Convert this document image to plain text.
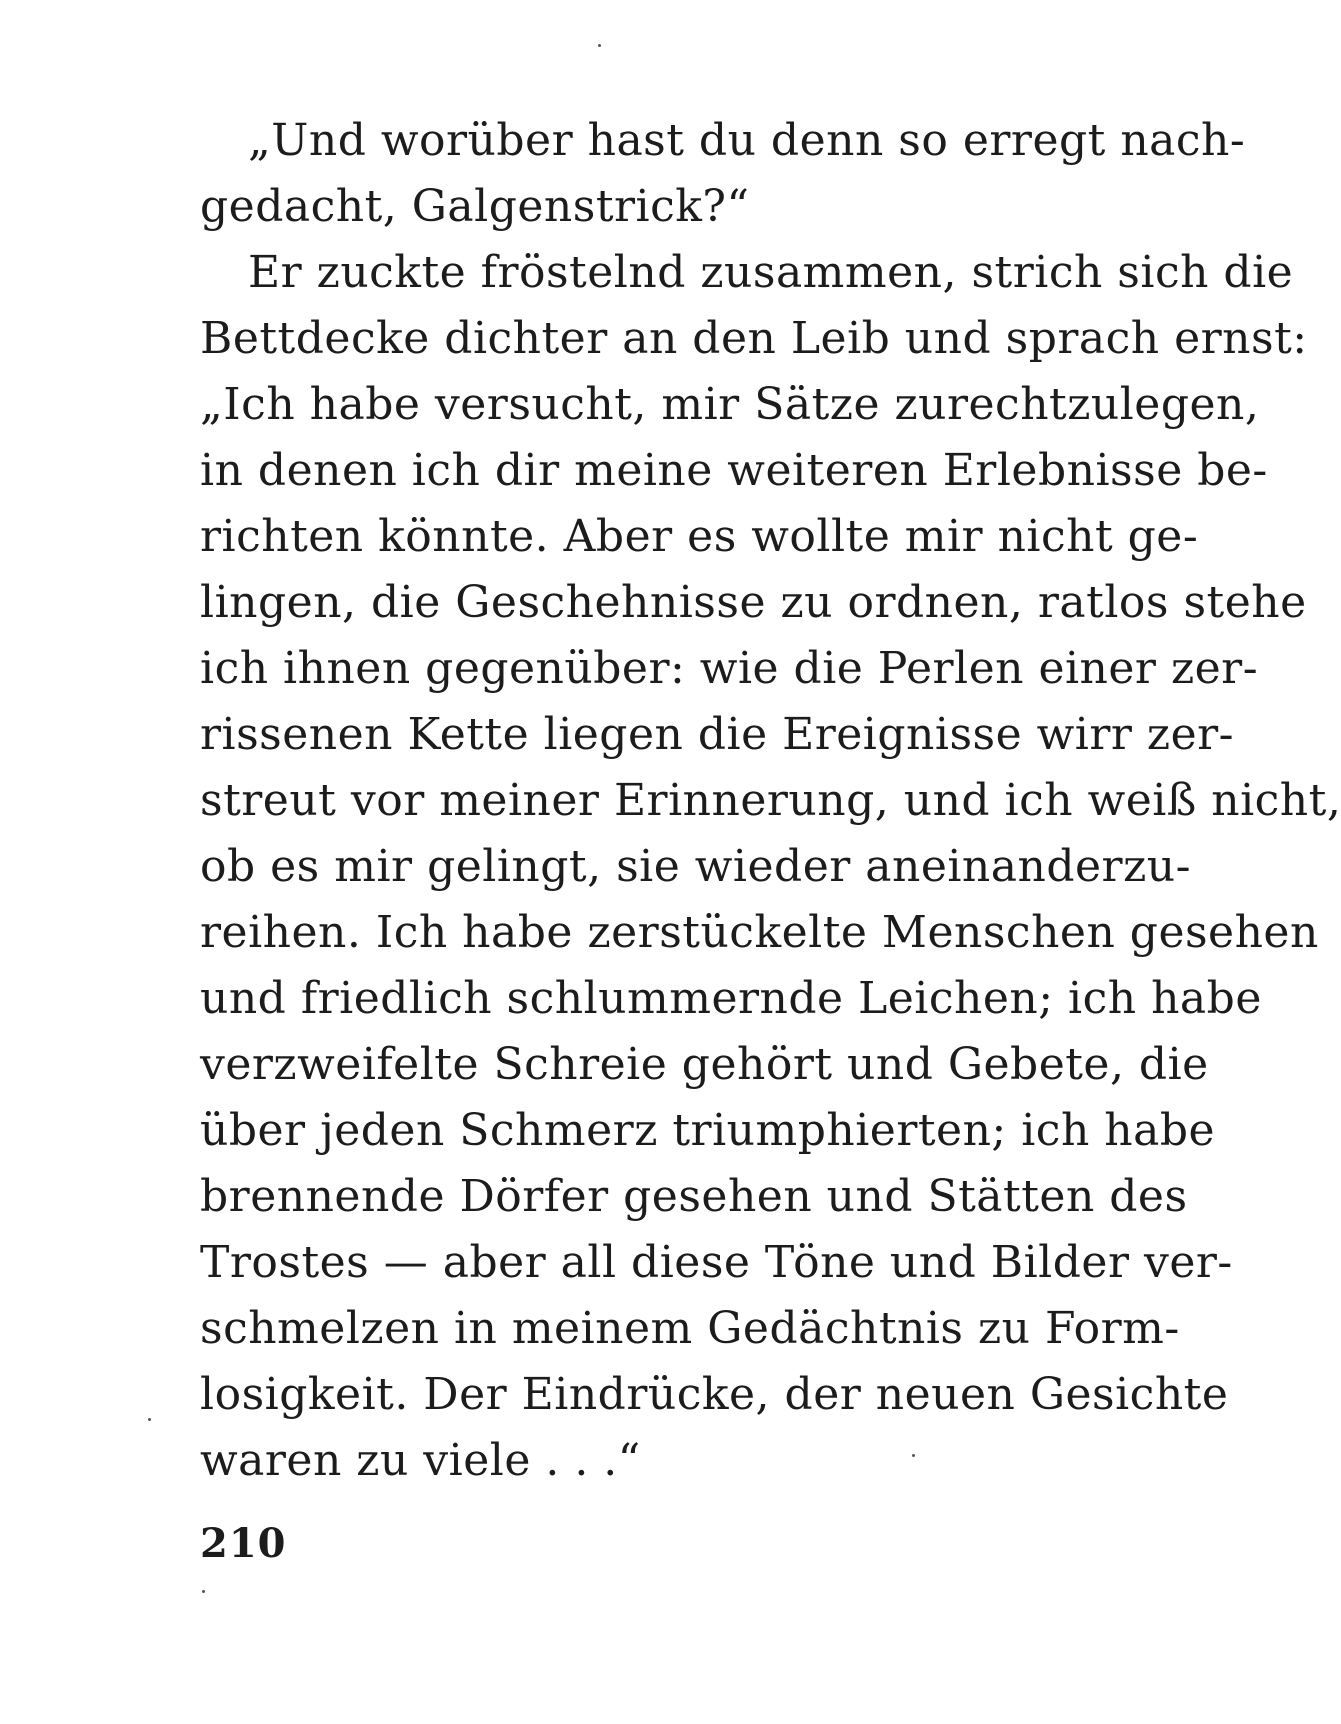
„Und worüber hast du denn so erregt nach-
gedacht, Galgenstrick?“
Er zuckte fröstelnd zusammen, strich sich die
Bettdecke dichter an den Leib und sprach ernst:
„Ich habe versucht, mir Sätze zurechtzulegen,
in denen ich dir meine weiteren Erlebnisse be-
richten könnte. Aber es wollte mir nicht ge-
lingen, die Geschehnisse zu ordnen, ratlos stehe
ich ihnen gegenüber: wie die Perlen einer zer-
rissenen Kette liegen die Ereignisse wirr zer-
streut vor meiner Erinnerung, und ich weiß nicht,
ob es mir gelingt, sie wieder aneinanderzu-
reihen. Ich habe zerstückelte Menschen gesehen
und friedlich schlummernde Leichen; ich habe
verzweifelte Schreie gehört und Gebete, die
über jeden Schmerz triumphierten; ich habe
brennende Dörfer gesehen und Stätten des
Trostes — aber all diese Töne und Bilder ver-
schmelzen in meinem Gedächtnis zu Form-
losigkeit. Der Eindrücke, der neuen Gesichte
waren zu viele . . .“
210
